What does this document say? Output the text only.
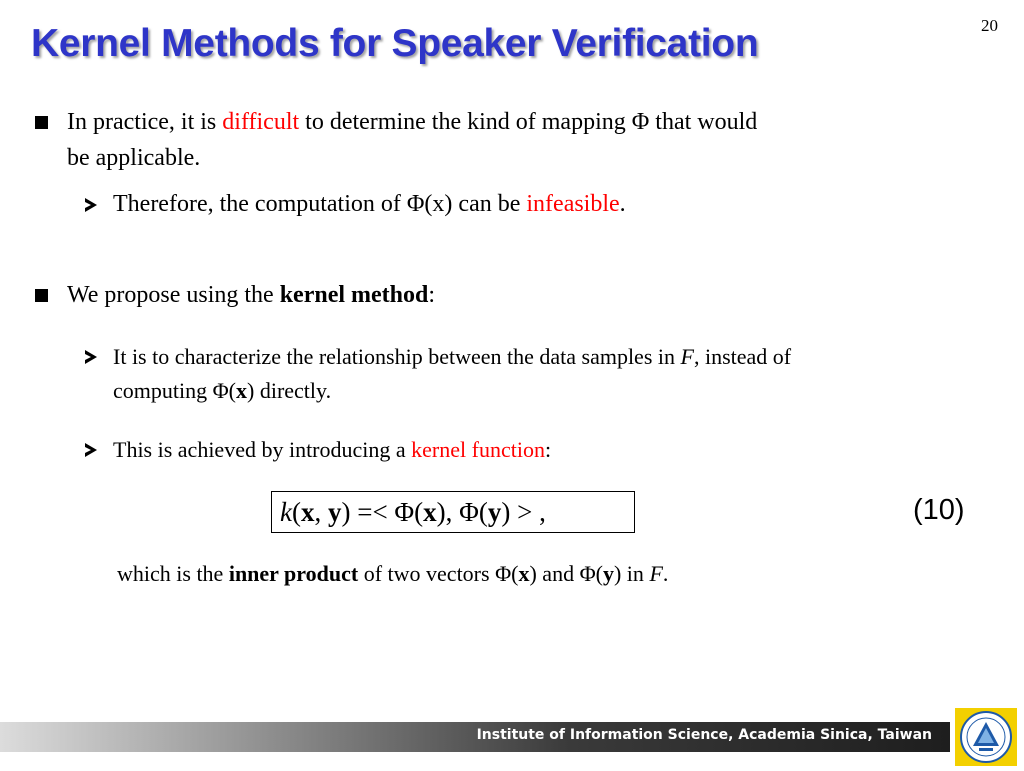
20
Kernel Methods for Speaker Verification
In practice, it is difficult to determine the kind of mapping Φ that would
be applicable.
Therefore, the computation of Φ(x) can be infeasible.
We propose using the kernel method:
It is to characterize the relationship between the data samples in F, instead of
computing Φ(x) directly.
This is achieved by introducing a kernel function:
k(x, y) =< Φ(x), Φ(y) > ,	(10)
which is the inner product of two vectors Φ(x) and Φ(y) in F.
Institute of Information Science, Academia Sinica, Taiwan
